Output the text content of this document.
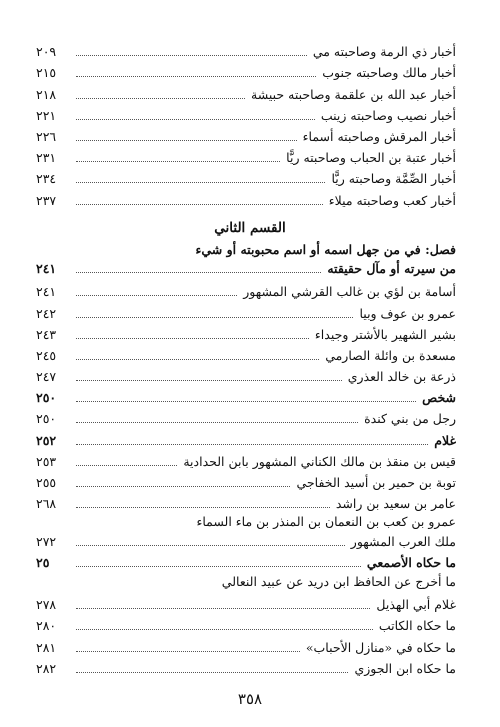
أخبار ذي الرمة وصاحبته مي
٢٠٩
أخبار مالك وصاحبته جنوب
٢١٥
أخبار عبد الله بن علقمة وصاحبته حبيشة
٢١٨
أخبار نصيب وصاحبته زينب
٢٢١
أخبار المرقش وصاحبته أسماء
٢٢٦
أخبار عتبة بن الحباب وصاحبته ريًّا
٢٣١
أخبار الصِّمَّة وصاحبته ريًّا
٢٣٤
أخبار كعب وصاحبته ميلاء
٢٣٧
القسم الثاني
فصل: في من جهل اسمه أو اسم محبوبته أو شيء
من سيرته أو مآل حقيقته
٢٤١
أسامة بن لؤي بن غالب القرشي المشهور
٢٤١
عمرو بن عوف وبيا
٢٤٢
بشير الشهير بالأشتر وجيداء
٢٤٣
مسعدة بن وائلة الصارمي
٢٤٥
ذرعة بن خالد العذري
٢٤٧
شخص
٢٥٠
رجل من بني كندة
٢٥٠
غلام
٢٥٢
قيس بن منقذ بن مالك الكناني المشهور بابن الحدادية
٢٥٣
توبة بن حمير بن أسيد الخفاجي
٢٥٥
عامر بن سعيد بن راشد
٢٦٨
عمرو بن كعب بن النعمان بن المنذر بن ماء السماء
ملك العرب المشهور
٢٧٢
ما حكاه الأصمعي
٢٥
ما أخرج عن الحافظ ابن دريد عن عبيد النعالي
غلام أبي الهذيل
٢٧٨
ما حكاه الكاتب
٢٨٠
ما حكاه في «منازل الأحباب»
٢٨١
ما حكاه ابن الجوزي
٢٨٢
٣٥٨
